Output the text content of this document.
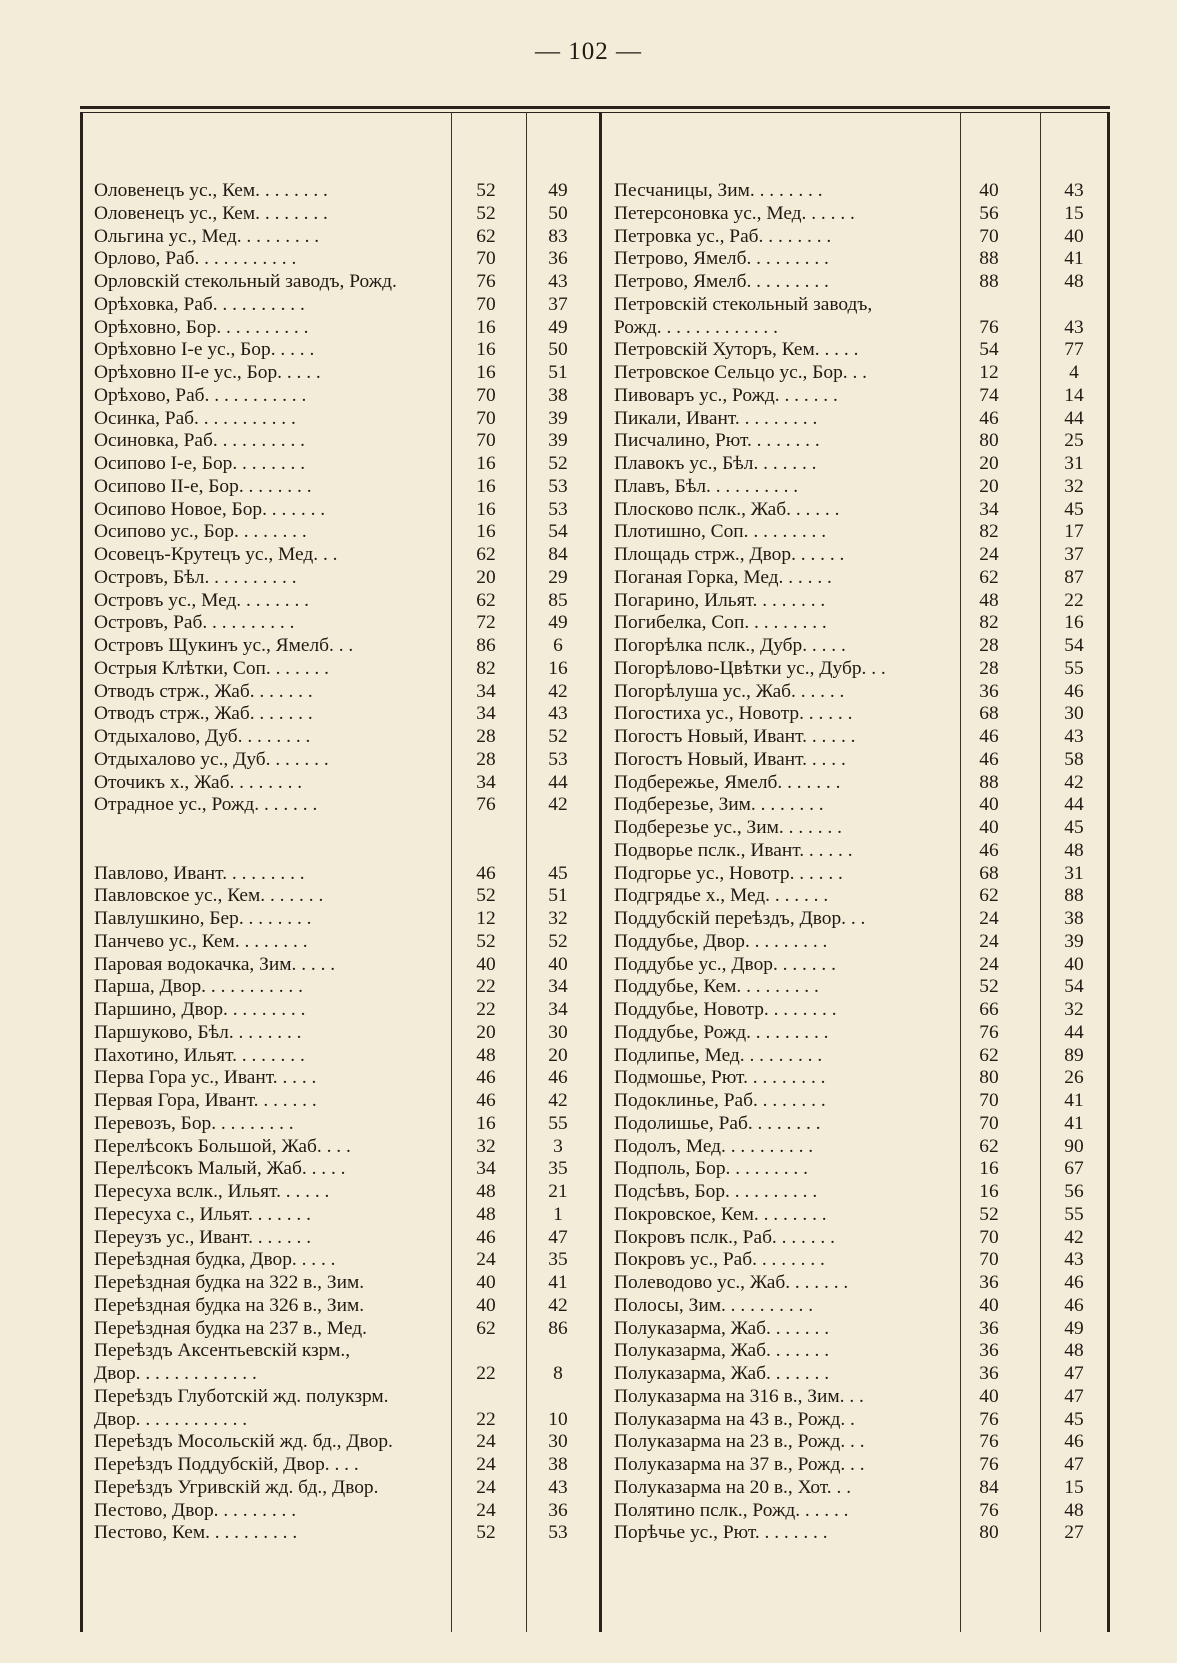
— 102 —
Оловенецъ ус., Кем. . . . . . . .	52	49
Оловенецъ ус., Кем. . . . . . . .	52	50
Ольгина ус., Мед. . . . . . . . .	62	83
Орлово, Раб. . . . . . . . . . .	70	36
Орловскій стекольный заводъ, Рожд.	76	43
Орѣховка, Раб. . . . . . . . . .	70	37
Орѣховно, Бор. . . . . . . . . .	16	49
Орѣховно I-е ус., Бор. . . . .	16	50
Орѣховно II-е ус., Бор. . . . .	16	51
Орѣхово, Раб. . . . . . . . . . .	70	38
Осинка, Раб. . . . . . . . . . .	70	39
Осиновка, Раб. . . . . . . . . .	70	39
Осипово I-е, Бор. . . . . . . .	16	52
Осипово II-е, Бор. . . . . . . .	16	53
Осипово Новое, Бор. . . . . . .	16	53
Осипово ус., Бор. . . . . . . .	16	54
Осовецъ-Крутецъ ус., Мед. . .	62	84
Островъ, Бѣл. . . . . . . . . .	20	29
Островъ ус., Мед. . . . . . . .	62	85
Островъ, Раб. . . . . . . . . .	72	49
Островъ Щукинъ ус., Ямелб. . .	86	6
Острыя Клѣтки, Соп. . . . . . .	82	16
Отводъ стрж., Жаб. . . . . . .	34	42
Отводъ стрж., Жаб. . . . . . .	34	43
Отдыхалово, Дуб. . . . . . . .	28	52
Отдыхалово ус., Дуб. . . . . . .	28	53
Оточикъ х., Жаб. . . . . . . .	34	44
Отрадное ус., Рожд. . . . . . .	76	42
Павлово, Ивант. . . . . . . . .	46	45
Павловское ус., Кем. . . . . . .	52	51
Павлушкино, Бер. . . . . . . .	12	32
Панчево ус., Кем. . . . . . . .	52	52
Паровая водокачка, Зим. . . . .	40	40
Парша, Двор. . . . . . . . . . .	22	34
Паршино, Двор. . . . . . . . .	22	34
Паршуково, Бѣл. . . . . . . .	20	30
Пахотино, Ильят. . . . . . . .	48	20
Перва Гора ус., Ивант. . . . .	46	46
Первая Гора, Ивант. . . . . . .	46	42
Перевозъ, Бор. . . . . . . . .	16	55
Перелѣсокъ Большой, Жаб. . . .	32	3
Перелѣсокъ Малый, Жаб. . . . .	34	35
Пересуха вслк., Ильят. . . . . .	48	21
Пересуха с., Ильят. . . . . . .	48	1
Переузъ ус., Ивант. . . . . . .	46	47
Переѣздная будка, Двор. . . . .	24	35
Переѣздная будка на 322 в., Зим.	40	41
Переѣздная будка на 326 в., Зим.	40	42
Переѣздная будка на 237 в., Мед.	62	86
Переѣздъ Аксентьевскій кзрм.,
Двор. . . . . . . . . . . . .	22	8
Переѣздъ Глуботскій жд. полукзрм.
Двор. . . . . . . . . . . .	22	10
Переѣздъ Мосольскій жд. бд., Двор.	24	30
Переѣздъ Поддубскій, Двор. . . .	24	38
Переѣздъ Угривскій жд. бд., Двор.	24	43
Пестово, Двор. . . . . . . . .	24	36
Пестово, Кем. . . . . . . . . .	52	53
Песчаницы, Зим. . . . . . . .	40	43
Петерсоновка ус., Мед. . . . . .	56	15
Петровка ус., Раб. . . . . . . .	70	40
Петрово, Ямелб. . . . . . . . .	88	41
Петрово, Ямелб. . . . . . . . .	88	48
Петровскій стекольный заводъ,
Рожд. . . . . . . . . . . . .	76	43
Петровскій Хуторъ, Кем. . . . .	54	77
Петровское Сельцо ус., Бор. . .	12	4
Пивоваръ ус., Рожд. . . . . . .	74	14
Пикали, Ивант. . . . . . . . .	46	44
Писчалино, Рют. . . . . . . .	80	25
Плавокъ ус., Бѣл. . . . . . .	20	31
Плавъ, Бѣл. . . . . . . . . .	20	32
Плосково пслк., Жаб. . . . . .	34	45
Плотишно, Соп. . . . . . . . .	82	17
Площадь стрж., Двор. . . . . .	24	37
Поганая Горка, Мед. . . . . .	62	87
Погарино, Ильят. . . . . . . .	48	22
Погибелка, Соп. . . . . . . . .	82	16
Погорѣлка пслк., Дубр. . . . .	28	54
Погорѣлово-Цвѣтки ус., Дубр. . .	28	55
Погорѣлуша ус., Жаб. . . . . .	36	46
Погостиха ус., Новотр. . . . . .	68	30
Погостъ Новый, Ивант. . . . . .	46	43
Погостъ Новый, Ивант. . . . .	46	58
Подбережье, Ямелб. . . . . . .	88	42
Подберезье, Зим. . . . . . . .	40	44
Подберезье ус., Зим. . . . . . .	40	45
Подворье пслк., Ивант. . . . . .	46	48
Подгорье ус., Новотр. . . . . .	68	31
Подгрядье х., Мед. . . . . . .	62	88
Поддубскій переѣздъ, Двор. . .	24	38
Поддубье, Двор. . . . . . . . .	24	39
Поддубье ус., Двор. . . . . . .	24	40
Поддубье, Кем. . . . . . . . .	52	54
Поддубье, Новотр. . . . . . . .	66	32
Поддубье, Рожд. . . . . . . . .	76	44
Подлипье, Мед. . . . . . . . .	62	89
Подмошье, Рют. . . . . . . . .	80	26
Подоклинье, Раб. . . . . . . .	70	41
Подолишье, Раб. . . . . . . .	70	41
Подолъ, Мед. . . . . . . . . .	62	90
Подполь, Бор. . . . . . . . .	16	67
Подсѣвъ, Бор. . . . . . . . . .	16	56
Покровское, Кем. . . . . . . .	52	55
Покровъ пслк., Раб. . . . . . .	70	42
Покровъ ус., Раб. . . . . . . .	70	43
Полеводово ус., Жаб. . . . . . .	36	46
Полосы, Зим. . . . . . . . . .	40	46
Полуказарма, Жаб. . . . . . .	36	49
Полуказарма, Жаб. . . . . . .	36	48
Полуказарма, Жаб. . . . . . .	36	47
Полуказарма на 316 в., Зим. . .	40	47
Полуказарма на 43 в., Рожд. .	76	45
Полуказарма на 23 в., Рожд. . .	76	46
Полуказарма на 37 в., Рожд. . .	76	47
Полуказарма на 20 в., Хот. . .	84	15
Полятино пслк., Рожд. . . . . .	76	48
Порѣчье ус., Рют. . . . . . . .	80	27
